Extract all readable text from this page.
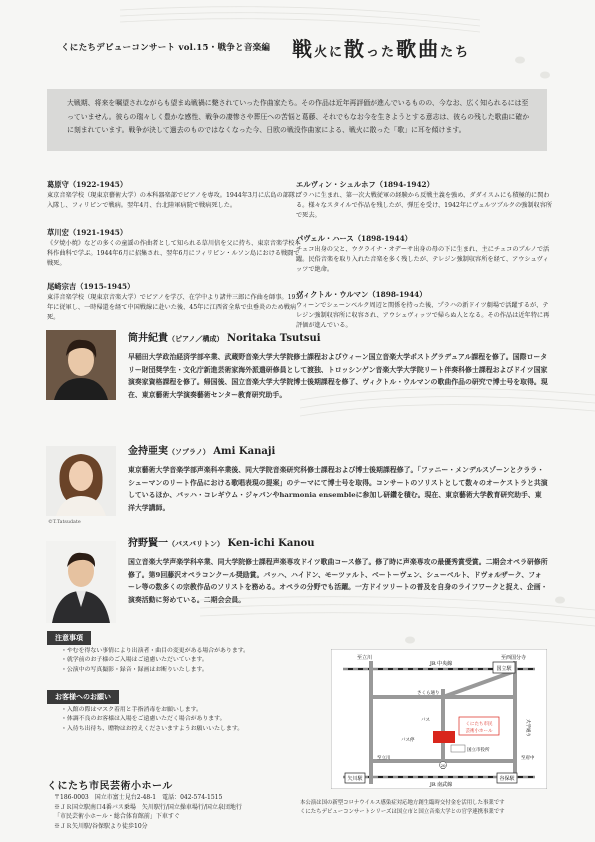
くにたちデビューコンサート vol.15・戦争と音楽編 戦火に散った歌曲たち
大戦期、将来を嘱望されながらも望まぬ戦禍に斃されていった作曲家たち。その作品は近年再評価が進んでいるものの、今なお、広く知られるには至っていません。彼らの瑞々しく豊かな感性、戦争の凄惨さや葬圧への苦悩と葛藤、それでもなお今を生きようとする意志は、彼らの残した歌曲に確かに刻まれています。戦争が決して過去のものではなくなった今、日欧の戦没作曲家による、戦火に散った「歌」に耳を傾けます。
葛原守（1922-1945）
東京音楽学校（現東京藝術大学）の本科器楽部でピアノを専攻。1944年3月に広島の部隊に入隊し、フィリピンで戦病。翌年4月、台北陸軍病院で戦病死した。
草川宏（1921-1945）
《夕焼小焼》などの多くの童謡の作曲者として知られる草川信を父に持ち、東京音楽学校本科作曲科で学ぶ。1944年6月に招集され、翌年6月にフィリピン・ルソン島における戦闘で戦死。
尾崎宗吉（1915-1945）
東洋音楽学校（現東京音楽大学）でピアノを学び、在学中より諸井三郎に作曲を師事。1939年に従軍し、一時帰還を経て中国戦線に赴いた後、45年に江西省全県で虫垂炎のため戦病死。
エルヴィン・シュルホフ（1894-1942）
プラハに生まれ、第一次大戦従軍の経験から反戦主義を強め、ダダイスムにも積極的に関わる。様々なスタイルで作品を残したが、弾圧を受け、1942年にヴュルツブルクの強制収容所で死去。
パヴェル・ハース（1898-1944）
チェコ出身の父と、ウクライナ・オデーサ出身の母の下に生まれ、主にチェコのブルノで活躍。民俗音楽を取り入れた音楽を多く残したが、テレジン強制収容所を経て、アウシュヴィッツで絶命。
ヴィクトル・ウルマン（1898-1944）
ウィーンでシェーンベルク周辺と関係を持った後、プラハの新ドイツ劇場で活躍するが、テレジン強制収容所に収容され、アウシュヴィッツで帰らぬ人となる。その作品は近年特に再評価が進んでいる。
©T.Tatsudate
筒井紀貴（ピアノ／構成） Noritaka Tsutsui
早稲田大学政治経済学部卒業、武蔵野音楽大学大学院修士課程およびウィーン国立音楽大学ポストグラデュアル課程を修了。国際ロータリー財団奨学生・文化庁新進芸術家海外派遣研修員として渡独、トロッシンゲン音楽大学大学院リート伴奏科修士課程およびドイツ国家演奏家資格課程を修了。帰国後、国立音楽大学大学院博士後期課程を修了、ヴィクトル・ウルマンの歌曲作品の研究で博士号を取得。現在、東京藝術大学演奏藝術センター教育研究助手。
金持亜実（ソプラノ） Ami Kanaji
東京藝術大学音楽学部声楽科卒業後、同大学院音楽研究科修士課程および博士後期課程修了。「ファニー・メンデルスゾーンとクララ・シューマンのリート作品における歌唱表現の提案」のテーマにて博士号を取得。コンサートのソリストとして数々のオーケストラと共演しているほか、バッハ・コレギウム・ジャパンやharmonia ensembleに参加し研鑽を積む。現在、東京藝術大学教育研究助手、東洋大学講師。
狩野賢一（バスバリトン） Ken-ichi Kanou
国立音楽大学声楽学科卒業、同大学院修士課程声楽専攻ドイツ歌曲コース修了。修了時に声楽専攻の最優秀賞受賞。二期会オペラ研修所修了。第9回藤沢オペラコンクール奨励賞。バッハ、ハイドン、モーツァルト、ベートーヴェン、シューベルト、ドヴォルザーク、フォーレ等の数多くの宗教作品のソリストを務める。オペラの分野でも活躍。一方ドイツリートの普及を自身のライフワークと捉え、企画・演奏活動に努めている。二期会会員。
注意事項
・やむを得ない事情により出演者・曲目の変更がある場合があります。
・就学前のお子様のご入場はご遠慮いただいています。
・公演中の写真撮影・録音・録画はお断りいたします。
お客様へのお願い
・入館の際はマスク着用と手指消毒をお願いします。
・体調不良のお客様は入場をご遠慮いただく場合があります。
・入待ち出待ち、贈物はお控えくださいますようお願いいたします。
くにたち市民芸術小ホール
〒186-0003　国立市富士見台2-48-1　電話：042-574-1515
※ＪＲ国立駅南口4番バス乗場　矢川駅行/国立操車場行/国立泉団地行
「市民芸術小ホール・総合体育館前」下車すぐ
※ＪＲ矢川駅/谷保駅より徒歩10分
国立駅
矢川駅	谷保駅
くにたち市民
芸術小ホール
国立市役所
至立川
JR 中央線
至西国分寺
さくら通り
大学通り
バス
バス停
JR 南武線
20
至立川	至府中
本公演は国の新型コロナウイルス感染症対応地方創生臨時交付金を活用した事業です
くにたちデビューコンサートシリーズは国立市と国立音楽大学との官学連携事業です
